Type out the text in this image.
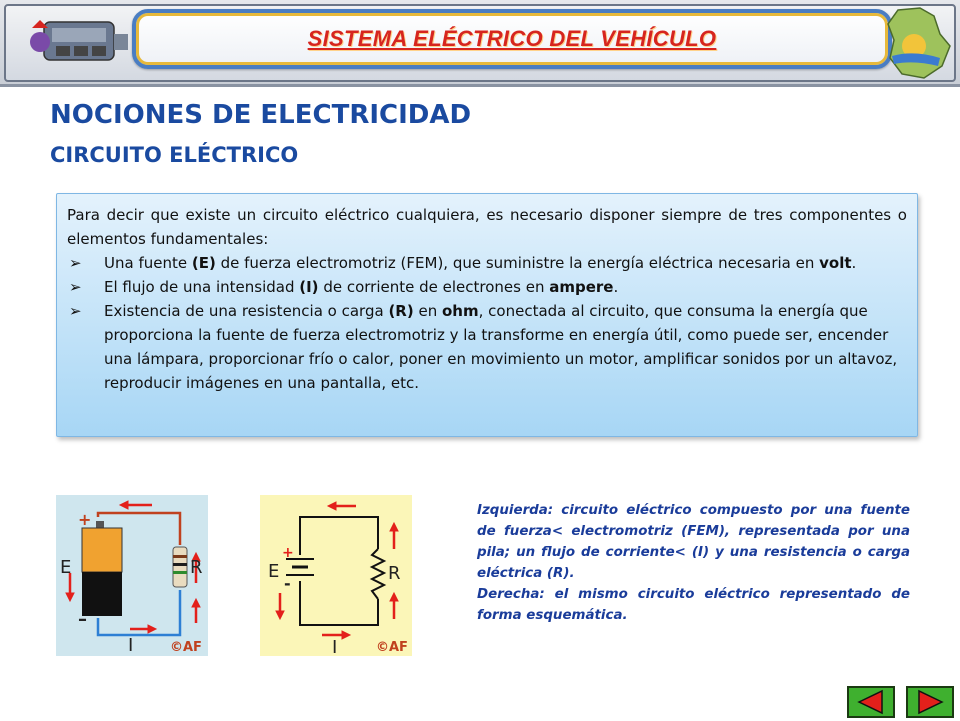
SISTEMA ELÉCTRICO DEL VEHÍCULO
NOCIONES DE ELECTRICIDAD
CIRCUITO ELÉCTRICO

Para decir que existe un circuito eléctrico cualquiera, es necesario disponer siempre de tres componentes o elementos fundamentales:

➢ Una fuente (E) de fuerza electromotriz (FEM), que suministre la energía eléctrica necesaria en volt.
➢ El flujo de una intensidad (I) de corriente de electrones en ampere.
➢ Existencia de una resistencia o carga (R) en ohm, conectada al circuito, que consuma la energía que proporciona la fuente de fuerza electromotriz y la transforme en energía útil, como puede ser, encender una lámpara, proporcionar frío o calor, poner en movimiento un motor, amplificar sonidos por un altavoz, reproducir imágenes en una pantalla, etc.
+
E	R
–
I	©AF
+
E	R
-
I	©AF
Izquierda: circuito eléctrico compuesto por una fuente de fuerza< electromotriz (FEM), representada por una pila; un flujo de corriente< (I) y una resistencia o carga eléctrica (R).
Derecha: el mismo circuito eléctrico representado de forma esquemática.
